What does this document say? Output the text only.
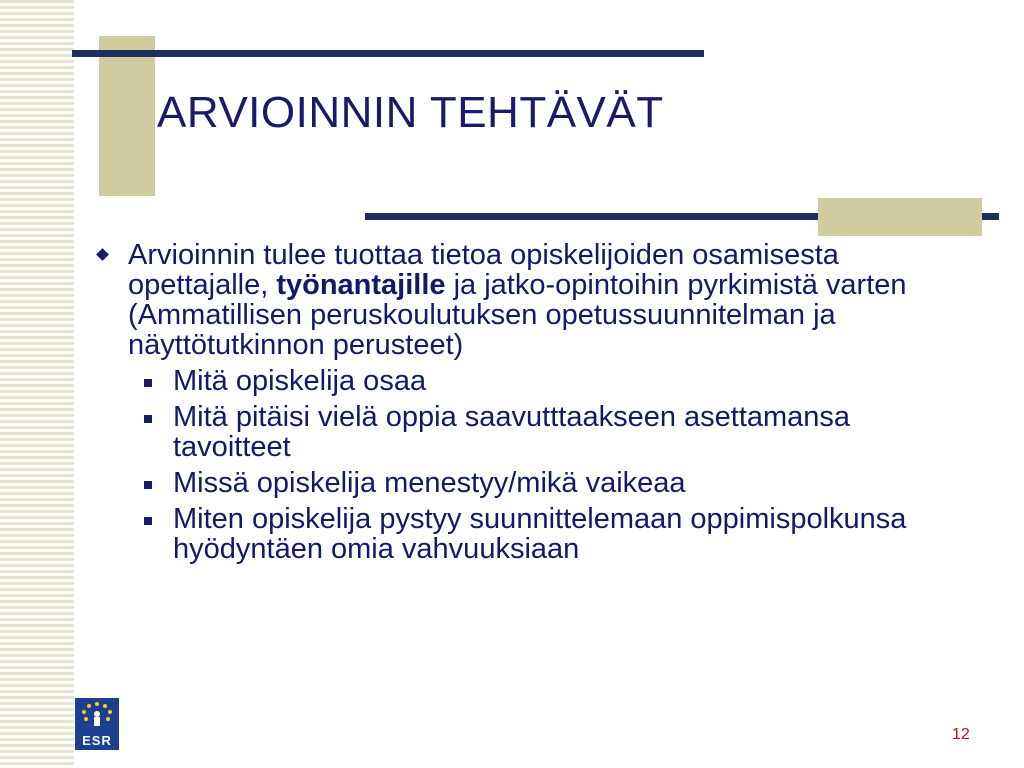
ARVIOINNIN TEHTÄVÄT
Arvioinnin tulee tuottaa tietoa opiskelijoiden osamisesta opettajalle, työnantajille ja jatko-opintoihin pyrkimistä varten (Ammatillisen peruskoulutuksen opetussuunnitelman ja näyttötutkinnon perusteet)
Mitä opiskelija osaa
Mitä pitäisi vielä oppia saavutttaakseen asettamansa tavoitteet
Missä opiskelija menestyy/mikä vaikeaa
Miten opiskelija pystyy suunnittelemaan oppimispolkunsa hyödyntäen omia vahvuuksiaan
ESR	12
